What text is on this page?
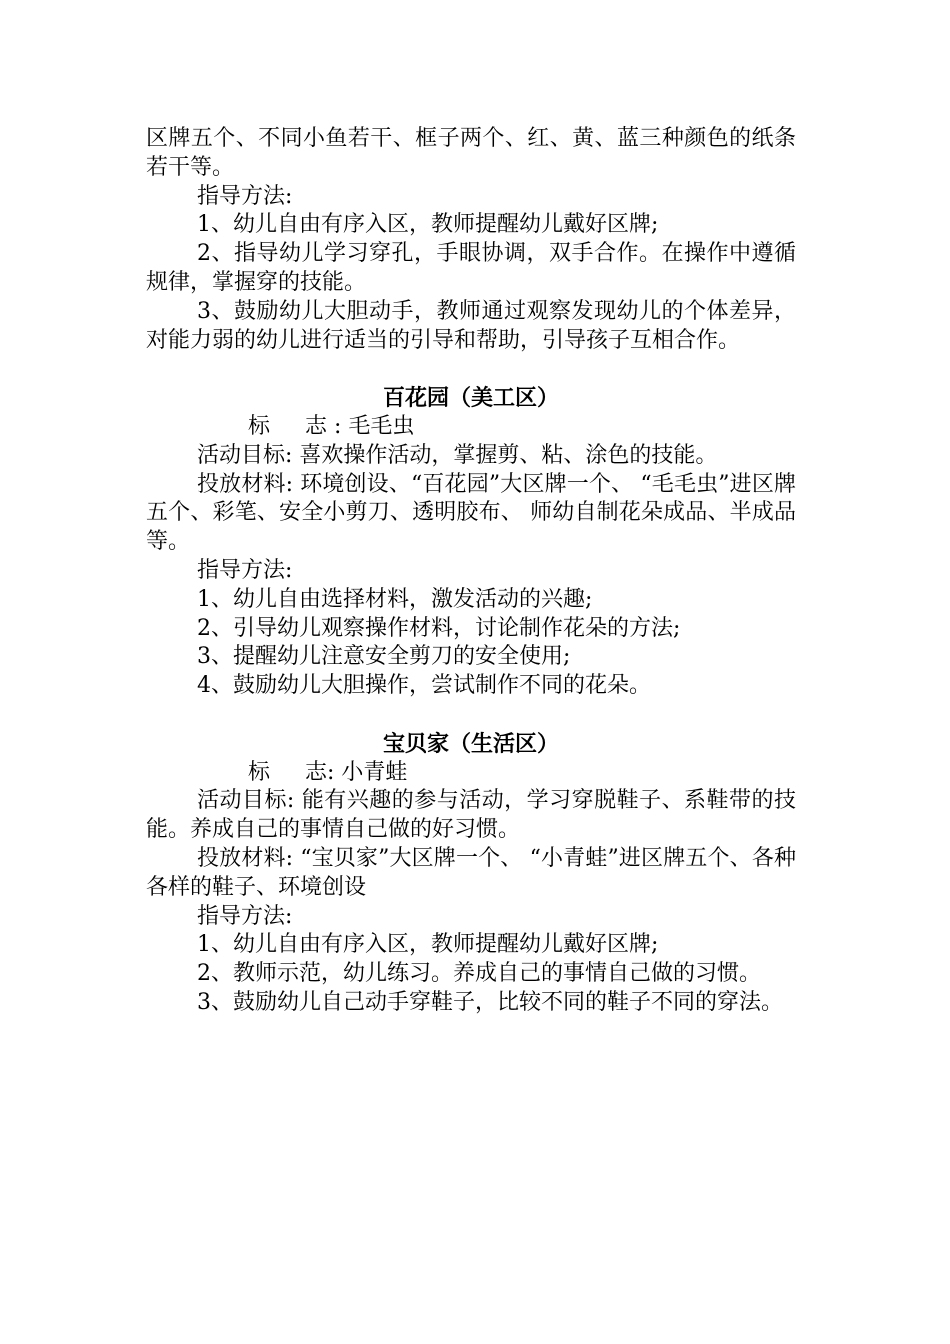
区牌五个、不同小鱼若干、框子两个、红、黄、蓝三种颜色的纸条若干等。

指导方法:

1、幼儿自由有序入区，教师提醒幼儿戴好区牌;

2、指导幼儿学习穿孔，手眼协调，双手合作。在操作中遵循规律，掌握穿的技能。

3、鼓励幼儿大胆动手，教师通过观察发现幼儿的个体差异，对能力弱的幼儿进行适当的引导和帮助，引导孩子互相合作。

百花园（美工区）

标 志 : 毛毛虫

活动目标: 喜欢操作活动，掌握剪、粘、涂色的技能。

投放材料: 环境创设、“百花园”大区牌一个、 “毛毛虫”进区牌五个、彩笔、安全小剪刀、透明胶布、 师幼自制花朵成品、半成品等。

指导方法:

1、幼儿自由选择材料，激发活动的兴趣;

2、引导幼儿观察操作材料，讨论制作花朵的方法;

3、提醒幼儿注意安全剪刀的安全使用;

4、鼓励幼儿大胆操作，尝试制作不同的花朵。

宝贝家（生活区）

标 志: 小青蛙

活动目标: 能有兴趣的参与活动，学习穿脱鞋子、系鞋带的技能。养成自己的事情自己做的好习惯。

投放材料: “宝贝家”大区牌一个、 “小青蛙”进区牌五个、各种各样的鞋子、环境创设

指导方法:

1、幼儿自由有序入区，教师提醒幼儿戴好区牌;

2、教师示范，幼儿练习。养成自己的事情自己做的习惯。

3、鼓励幼儿自己动手穿鞋子，比较不同的鞋子不同的穿法。
